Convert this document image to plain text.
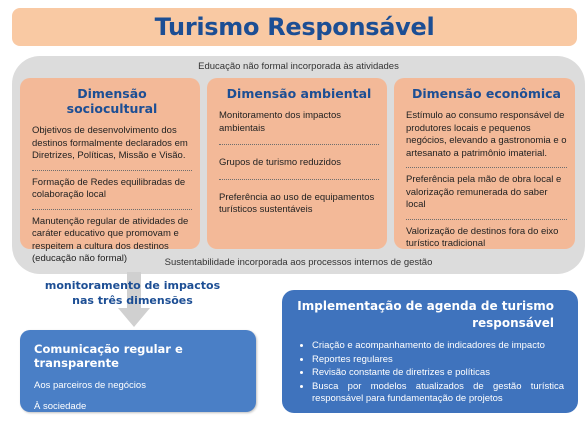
Turismo Responsável
Educação não formal incorporada às atividades
Sustentabilidade incorporada aos processos internos de gestão
Dimensão sociocultural
Objetivos de desenvolvimento dos destinos formalmente declarados em Diretrizes, Políticas, Missão e Visão.
Formação de Redes equilibradas de colaboração local
Manutenção regular de atividades de caráter educativo que promovam e respeitem a cultura dos destinos (educação não formal)
Dimensão ambiental
Monitoramento dos impactos ambientais
Grupos de turismo reduzidos
Preferência ao uso de equipamentos turísticos sustentáveis
Dimensão econômica
Estímulo ao consumo responsável de produtores locais e pequenos negócios, elevando a gastronomia e o artesanato a patrimônio imaterial.
Preferência pela mão de obra local e valorização remunerada do saber local
Valorização de destinos fora do eixo turístico tradicional
monitoramento de impactos nas três dimensões
Comunicação regular e transparente
Aos parceiros de negócios
À sociedade
Implementação de agenda de turismo responsável
• Criação e acompanhamento de indicadores de impacto
• Reportes regulares
• Revisão constante de diretrizes e políticas
• Busca por modelos atualizados de gestão turística responsável para fundamentação de projetos
